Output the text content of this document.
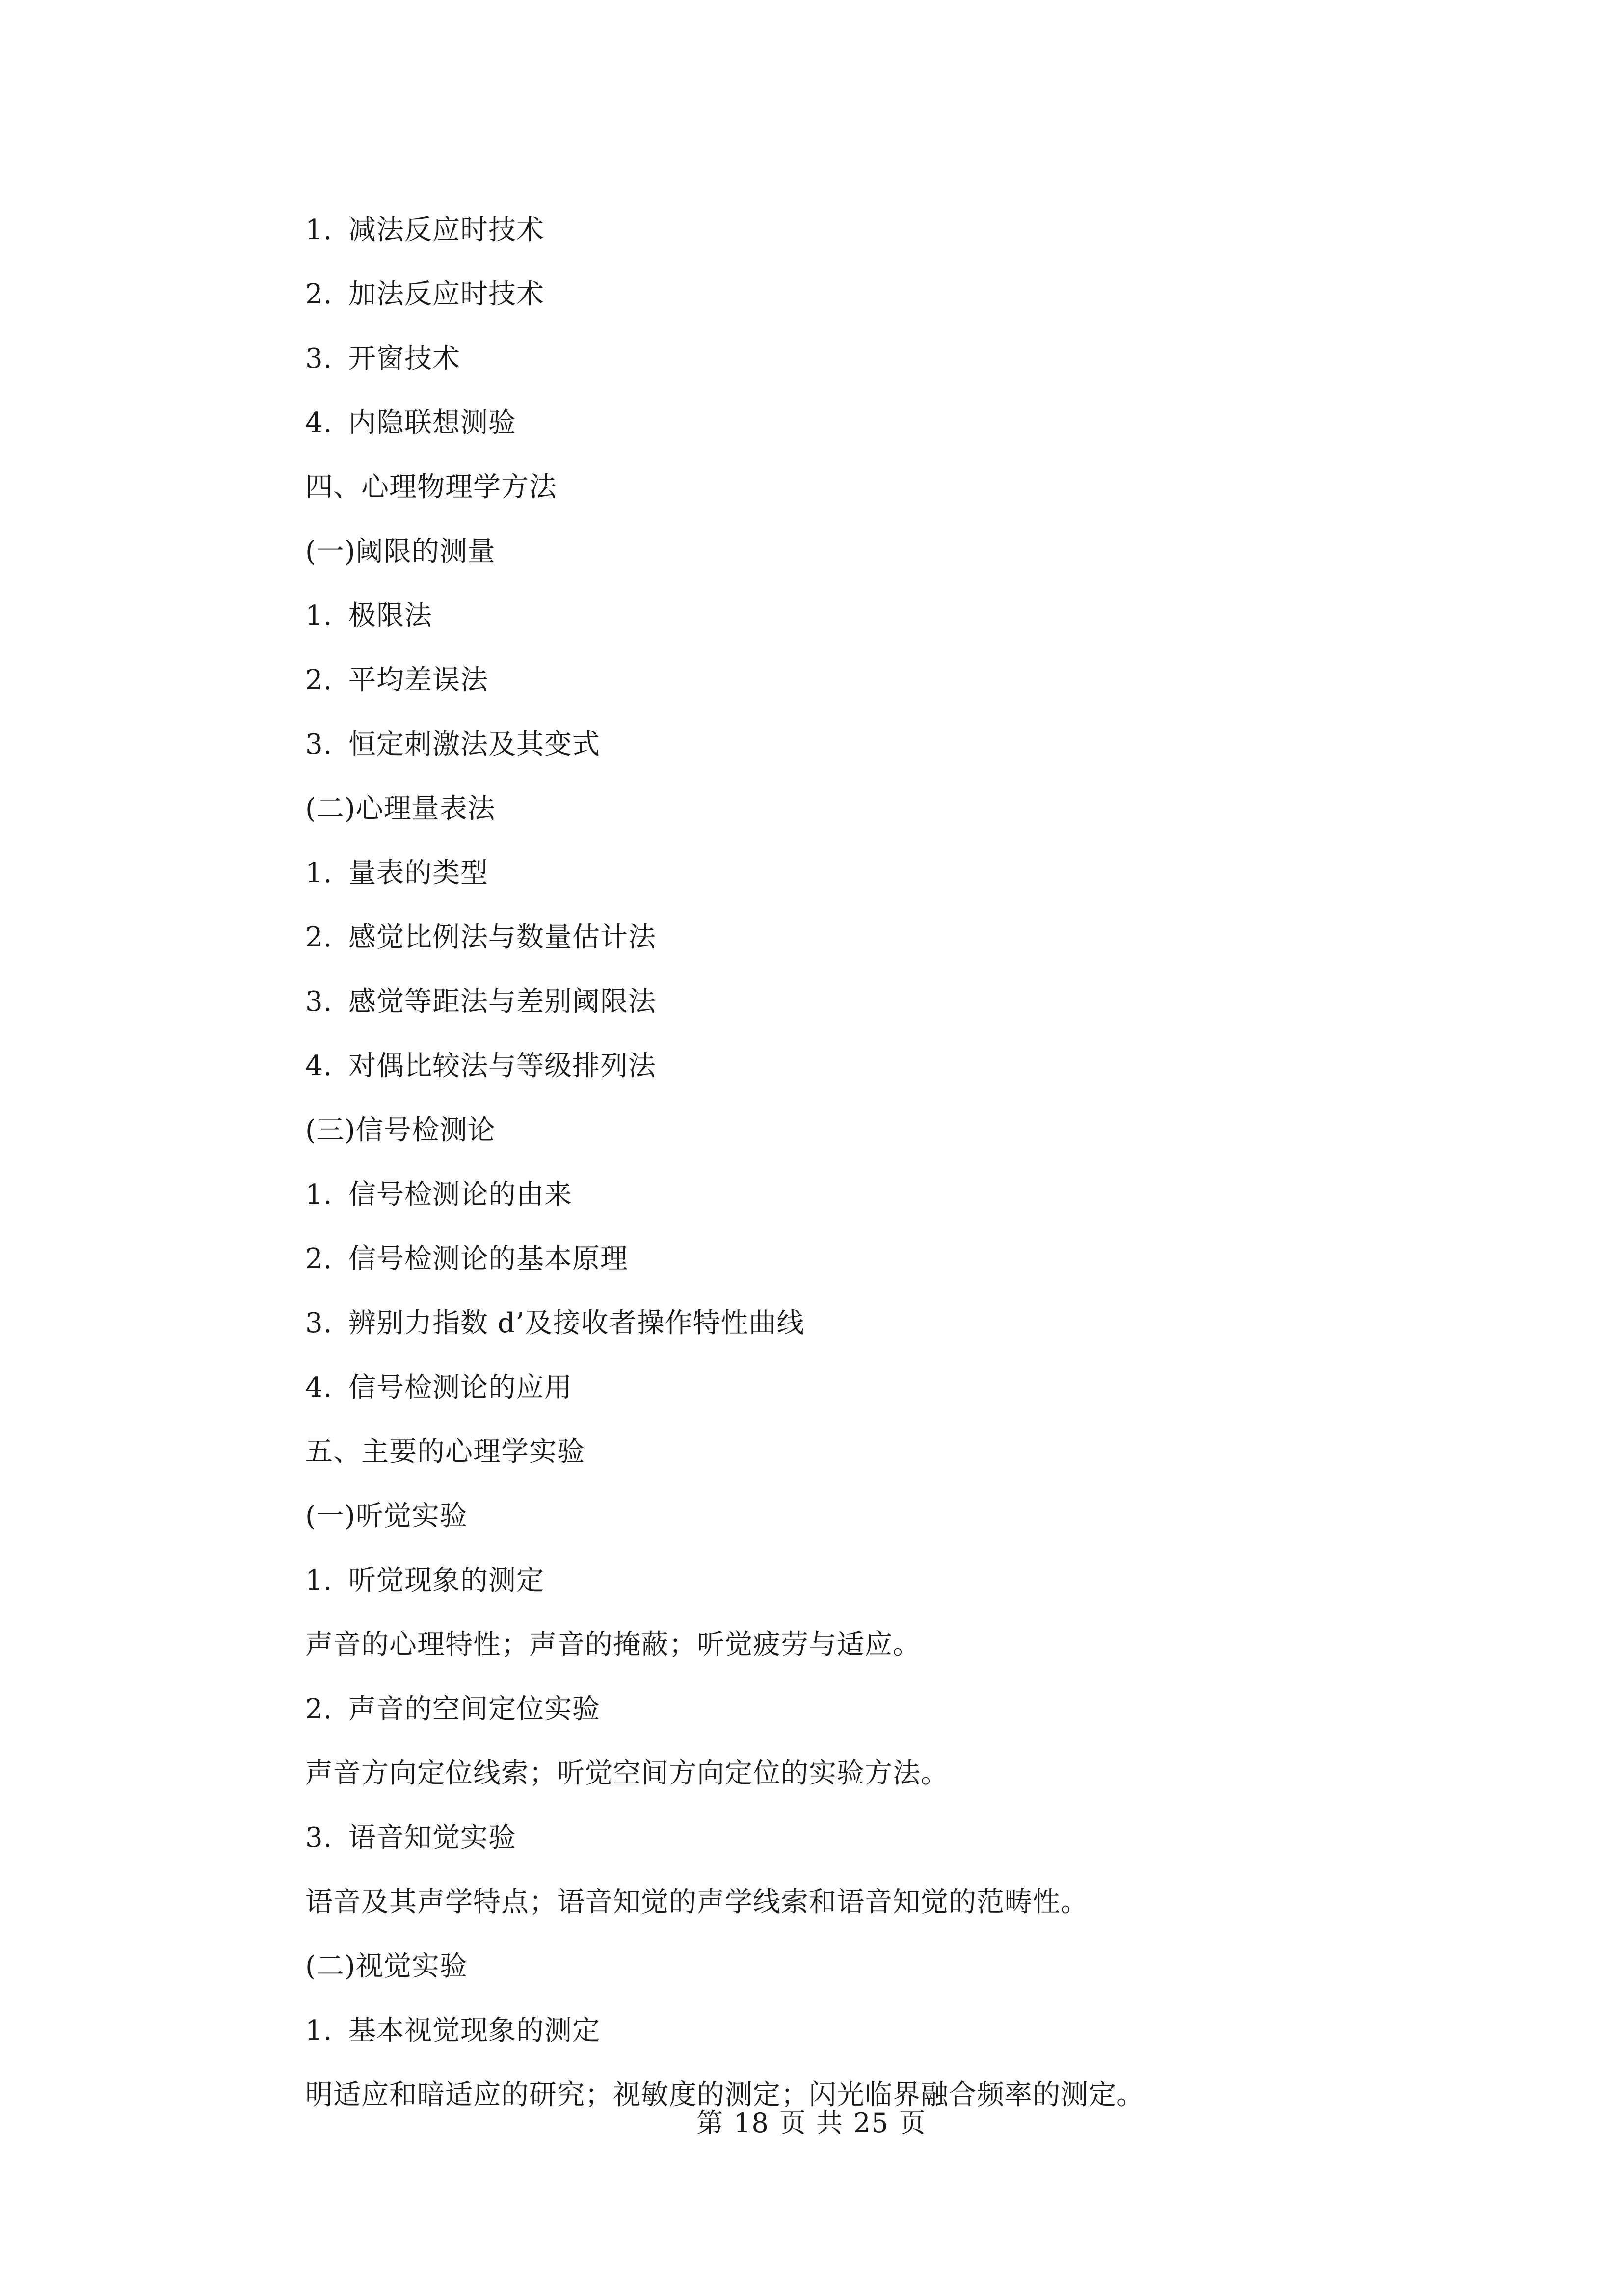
1. 减法反应时技术
2. 加法反应时技术
3. 开窗技术
4. 内隐联想测验
四、心理物理学方法
(一)阈限的测量
1. 极限法
2. 平均差误法
3. 恒定刺激法及其变式
(二)心理量表法
1. 量表的类型
2. 感觉比例法与数量估计法
3. 感觉等距法与差别阈限法
4. 对偶比较法与等级排列法
(三)信号检测论
1. 信号检测论的由来
2. 信号检测论的基本原理
3. 辨别力指数 d’及接收者操作特性曲线
4. 信号检测论的应用
五、主要的心理学实验
(一)听觉实验
1. 听觉现象的测定
声音的心理特性；声音的掩蔽；听觉疲劳与适应。
2. 声音的空间定位实验
声音方向定位线索；听觉空间方向定位的实验方法。
3. 语音知觉实验
语音及其声学特点；语音知觉的声学线索和语音知觉的范畴性。
(二)视觉实验
1. 基本视觉现象的测定
明适应和暗适应的研究；视敏度的测定；闪光临界融合频率的测定。
第 18 页 共 25 页
